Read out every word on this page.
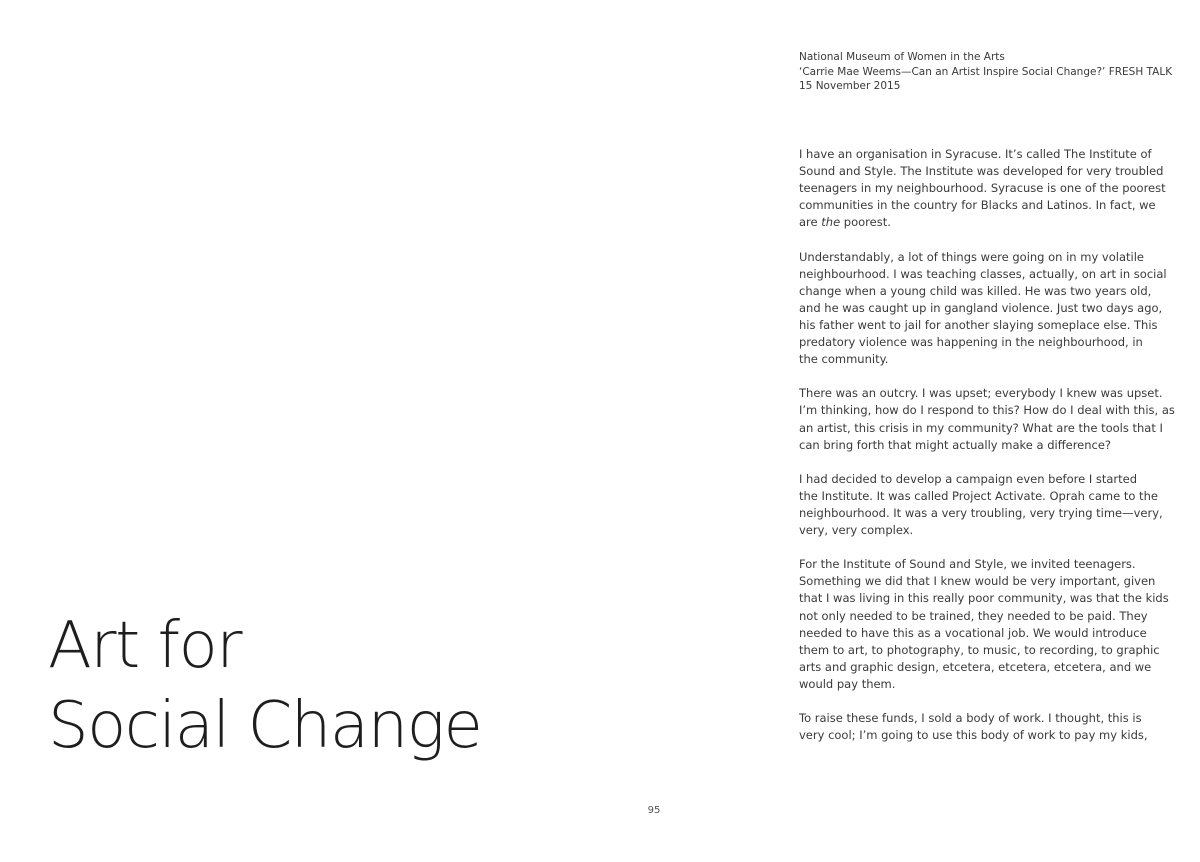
Art for
Social Change
National Museum of Women in the Arts
‘Carrie Mae Weems—Can an Artist Inspire Social Change?’ FRESH TALK
15 November 2015

I have an organisation in Syracuse. It’s called The Institute of
Sound and Style. The Institute was developed for very troubled
teenagers in my neighbourhood. Syracuse is one of the poorest
communities in the country for Blacks and Latinos. In fact, we
are the poorest.

Understandably, a lot of things were going on in my volatile
neighbourhood. I was teaching classes, actually, on art in social
change when a young child was killed. He was two years old,
and he was caught up in gangland violence. Just two days ago,
his father went to jail for another slaying someplace else. This
predatory violence was happening in the neighbourhood, in
the community.

There was an outcry. I was upset; everybody I knew was upset.
I’m thinking, how do I respond to this? How do I deal with this, as
an artist, this crisis in my community? What are the tools that I
can bring forth that might actually make a difference?

I had decided to develop a campaign even before I started
the Institute. It was called Project Activate. Oprah came to the
neighbourhood. It was a very troubling, very trying time—very,
very, very complex.

For the Institute of Sound and Style, we invited teenagers.
Something we did that I knew would be very important, given
that I was living in this really poor community, was that the kids
not only needed to be trained, they needed to be paid. They
needed to have this as a vocational job. We would introduce
them to art, to photography, to music, to recording, to graphic
arts and graphic design, etcetera, etcetera, etcetera, and we
would pay them.

To raise these funds, I sold a body of work. I thought, this is
very cool; I’m going to use this body of work to pay my kids,

95
